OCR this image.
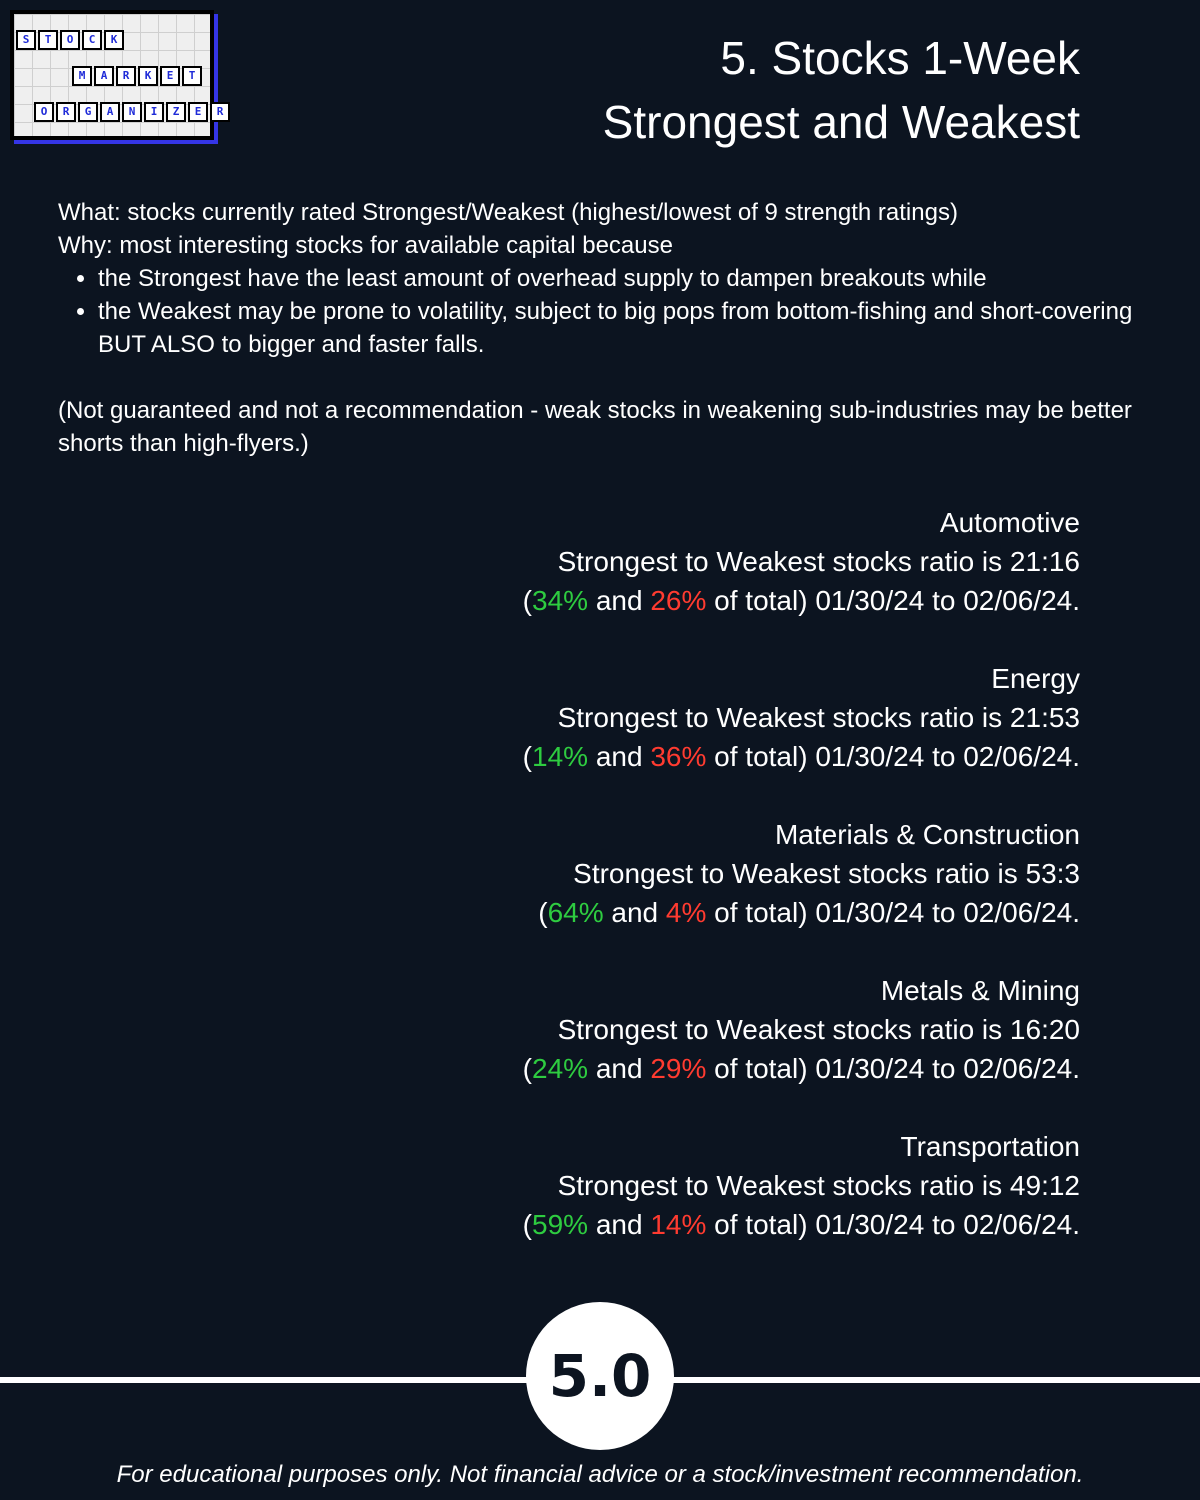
S	T	O	C	K
M	A	R	K	E	T
O	R	G	A	N	I	Z	E	R
5. Stocks 1-Week
Strongest and Weakest

What: stocks currently rated Strongest/Weakest (highest/lowest of 9 strength ratings)

Why: most interesting stocks for available capital because

• the Strongest have the least amount of overhead supply to dampen breakouts while
• the Weakest may be prone to volatility, subject to big pops from bottom-fishing and short-covering BUT ALSO to bigger and faster falls.

(Not guaranteed and not a recommendation - weak stocks in weakening sub-industries may be better shorts than high-flyers.)

Automotive
Strongest to Weakest stocks ratio is 21:16
(34% and 26% of total) 01/30/24 to 02/06/24.
Energy
Strongest to Weakest stocks ratio is 21:53
(14% and 36% of total) 01/30/24 to 02/06/24.
Materials & Construction
Strongest to Weakest stocks ratio is 53:3
(64% and 4% of total) 01/30/24 to 02/06/24.
Metals & Mining
Strongest to Weakest stocks ratio is 16:20
(24% and 29% of total) 01/30/24 to 02/06/24.
Transportation
Strongest to Weakest stocks ratio is 49:12
(59% and 14% of total) 01/30/24 to 02/06/24.
5.0
For educational purposes only. Not financial advice or a stock/investment recommendation.
